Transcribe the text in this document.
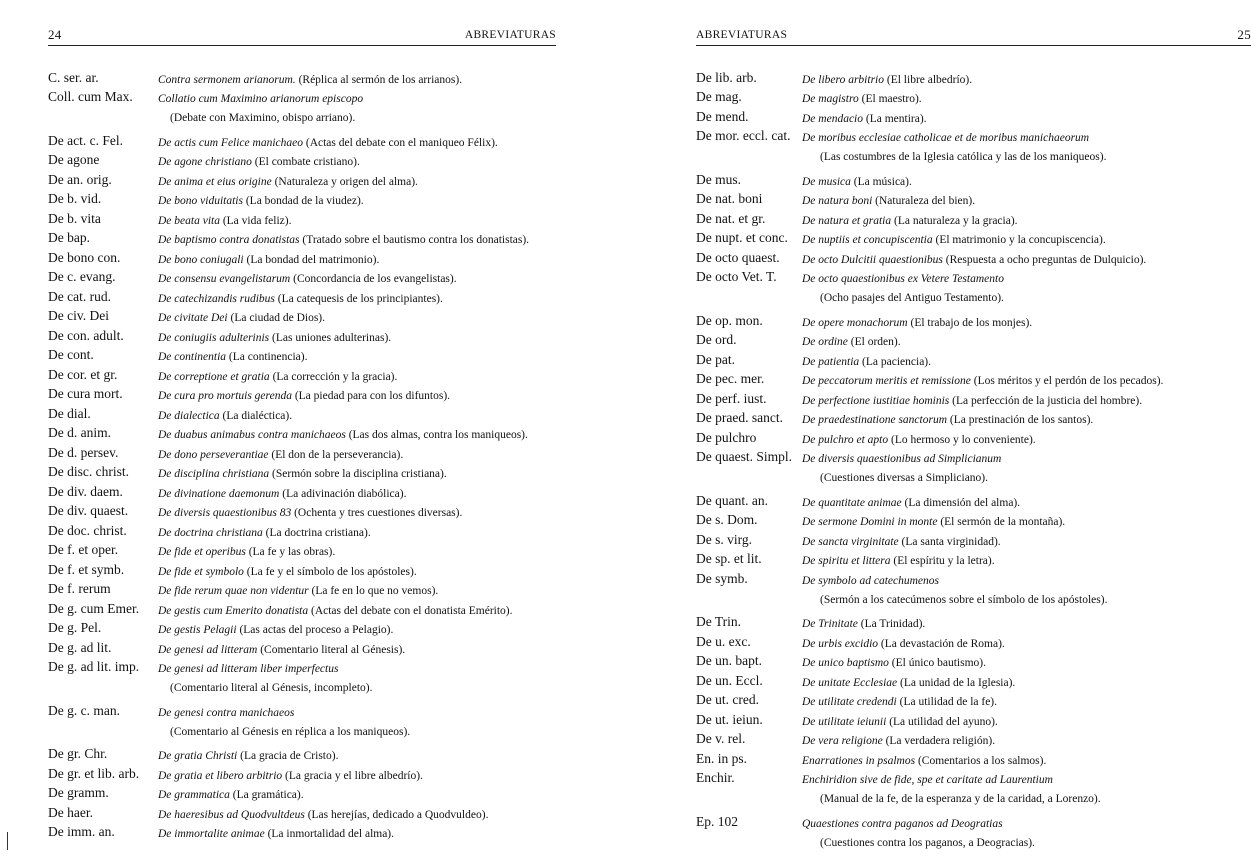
24	ABREVIATURAS
C. ser. ar.	Contra sermonem arianorum. (Réplica al sermón de los arrianos).
Coll. cum Max.	Collatio cum Maximino arianorum episcopo
(Debate con Maximino, obispo arriano).
De act. c. Fel.	De actis cum Felice manichaeo (Actas del debate con el maniqueo Félix).
De agone	De agone christiano (El combate cristiano).
De an. orig.	De anima et eius origine (Naturaleza y origen del alma).
De b. vid.	De bono viduitatis (La bondad de la viudez).
De b. vita	De beata vita (La vida feliz).
De bap.	De baptismo contra donatistas (Tratado sobre el bautismo contra los donatistas).
De bono con.	De bono coniugali (La bondad del matrimonio).
De c. evang.	De consensu evangelistarum (Concordancia de los evangelistas).
De cat. rud.	De catechizandis rudibus (La catequesis de los principiantes).
De civ. Dei	De civitate Dei (La ciudad de Dios).
De con. adult.	De coniugiis adulterinis (Las uniones adulterinas).
De cont.	De continentia (La continencia).
De cor. et gr.	De correptione et gratia (La corrección y la gracia).
De cura mort.	De cura pro mortuis gerenda (La piedad para con los difuntos).
De dial.	De dialectica (La dialéctica).
De d. anim.	De duabus animabus contra manichaeos (Las dos almas, contra los maniqueos).
De d. persev.	De dono perseverantiae (El don de la perseverancia).
De disc. christ.	De disciplina christiana (Sermón sobre la disciplina cristiana).
De div. daem.	De divinatione daemonum (La adivinación diabólica).
De div. quaest.	De diversis quaestionibus 83 (Ochenta y tres cuestiones diversas).
De doc. christ.	De doctrina christiana (La doctrina cristiana).
De f. et oper.	De fide et operibus (La fe y las obras).
De f. et symb.	De fide et symbolo (La fe y el símbolo de los apóstoles).
De f. rerum	De fide rerum quae non videntur (La fe en lo que no vemos).
De g. cum Emer.	De gestis cum Emerito donatista (Actas del debate con el donatista Emérito).
De g. Pel.	De gestis Pelagii (Las actas del proceso a Pelagio).
De g. ad lit.	De genesi ad litteram (Comentario literal al Génesis).
De g. ad lit. imp.	De genesi ad litteram liber imperfectus
(Comentario literal al Génesis, incompleto).
De g. c. man.	De genesi contra manichaeos
(Comentario al Génesis en réplica a los maniqueos).
De gr. Chr.	De gratia Christi (La gracia de Cristo).
De gr. et lib. arb.	De gratia et libero arbitrio (La gracia y el libre albedrío).
De gramm.	De grammatica (La gramática).
De haer.	De haeresibus ad Quodvultdeus (Las herejías, dedicado a Quodvuldeo).
De imm. an.	De immortalite animae (La inmortalidad del alma).
ABREVIATURAS	25
De lib. arb.	De libero arbitrio (El libre albedrío).
De mag.	De magistro (El maestro).
De mend.	De mendacio (La mentira).
De mor. eccl. cat.	De moribus ecclesiae catholicae et de moribus manichaeorum
(Las costumbres de la Iglesia católica y las de los maniqueos).
De mus.	De musica (La música).
De nat. boni	De natura boni (Naturaleza del bien).
De nat. et gr.	De natura et gratia (La naturaleza y la gracia).
De nupt. et conc.	De nuptiis et concupiscentia (El matrimonio y la concupiscencia).
De octo quaest.	De octo Dulcitii quaestionibus (Respuesta a ocho preguntas de Dulquicio).
De octo Vet. T.	De octo quaestionibus ex Vetere Testamento
(Ocho pasajes del Antiguo Testamento).
De op. mon.	De opere monachorum (El trabajo de los monjes).
De ord.	De ordine (El orden).
De pat.	De patientia (La paciencia).
De pec. mer.	De peccatorum meritis et remissione (Los méritos y el perdón de los pecados).
De perf. iust.	De perfectione iustitiae hominis (La perfección de la justicia del hombre).
De praed. sanct.	De praedestinatione sanctorum (La prestinación de los santos).
De pulchro	De pulchro et apto (Lo hermoso y lo conveniente).
De quaest. Simpl. De diversis quaestionibus ad Simplicianum
(Cuestiones diversas a Simpliciano).
De quant. an.	De quantitate animae (La dimensión del alma).
De s. Dom.	De sermone Domini in monte (El sermón de la montaña).
De s. virg.	De sancta virginitate (La santa virginidad).
De sp. et lit.	De spiritu et littera (El espíritu y la letra).
De symb.	De symbolo ad catechumenos
(Sermón a los catecúmenos sobre el símbolo de los apóstoles).
De Trin.	De Trinitate (La Trinidad).
De u. exc.	De urbis excidio (La devastación de Roma).
De un. bapt.	De unico baptismo (El único bautismo).
De un. Eccl.	De unitate Ecclesiae (La unidad de la Iglesia).
De ut. cred.	De utilitate credendi (La utilidad de la fe).
De ut. ieiun.	De utilitate ieiunii (La utilidad del ayuno).
De v. rel.	De vera religione (La verdadera religión).
En. in ps.	Enarrationes in psalmos (Comentarios a los salmos).
Enchir.	Enchiridion sive de fide, spe et caritate ad Laurentium
(Manual de la fe, de la esperanza y de la caridad, a Lorenzo).
Ep. 102	Quaestiones contra paganos ad Deogratias
(Cuestiones contra los paganos, a Deogracias).
